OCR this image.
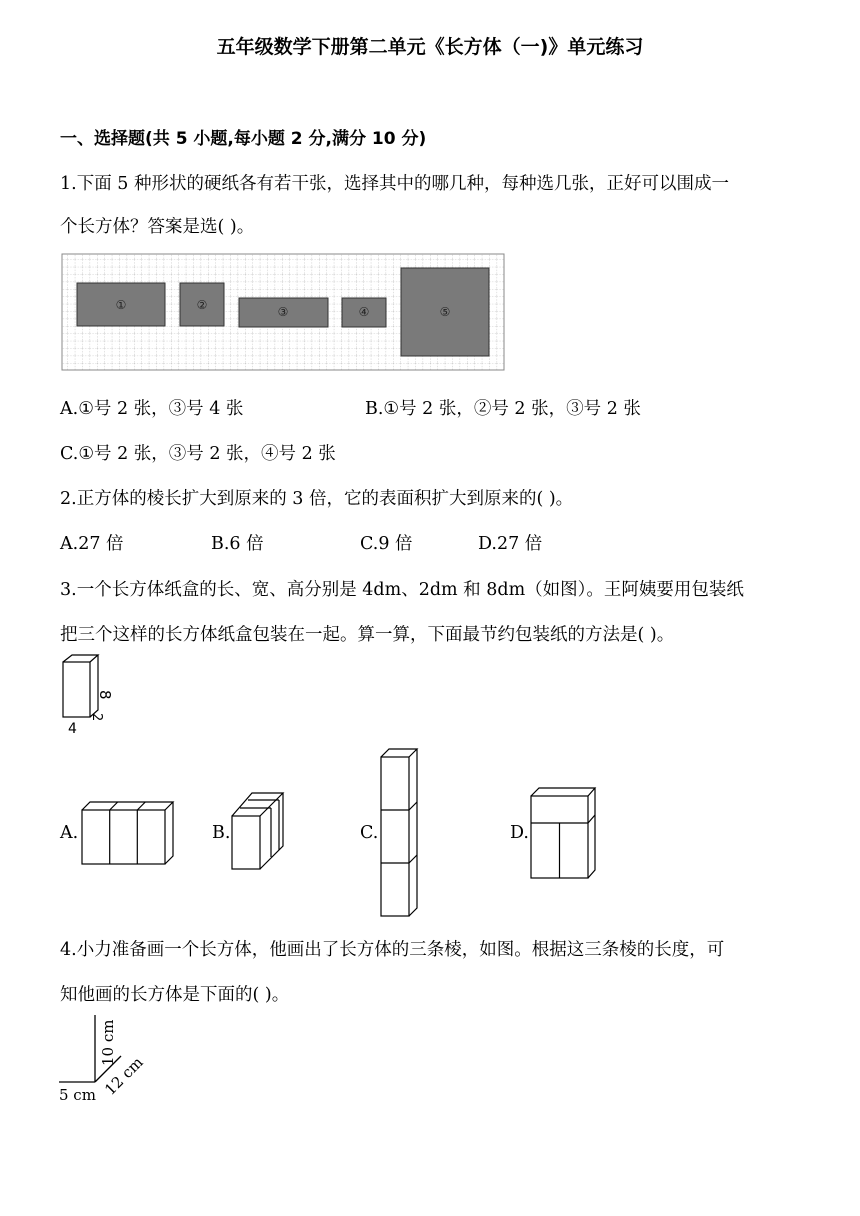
五年级数学下册第二单元《长方体（一)》单元练习
一、选择题(共 5 小题,每小题 2 分,满分 10 分)
1.下面 5 种形状的硬纸各有若干张，选择其中的哪几种，每种选几张，正好可以围成一
个长方体？答案是选( )。
①	②	③	④	⑤
A.①号 2 张，③号 4 张	B.①号 2 张，②号 2 张，③号 2 张
C.①号 2 张，③号 2 张，④号 2 张
2.正方体的棱长扩大到原来的 3 倍，它的表面积扩大到原来的( )。
A.27 倍	B.6 倍	C.9 倍	D.27 倍
3.一个长方体纸盒的长、宽、高分别是 4dm、2dm 和 8dm（如图）。王阿姨要用包装纸
把三个这样的长方体纸盒包装在一起。算一算，下面最节约包装纸的方法是( )。
8
2
4
A.	B.	C.	D.
4.小力准备画一个长方体，他画出了长方体的三条棱，如图。根据这三条棱的长度，可
知他画的长方体是下面的( )。
10 cm
12 cm
5 cm
